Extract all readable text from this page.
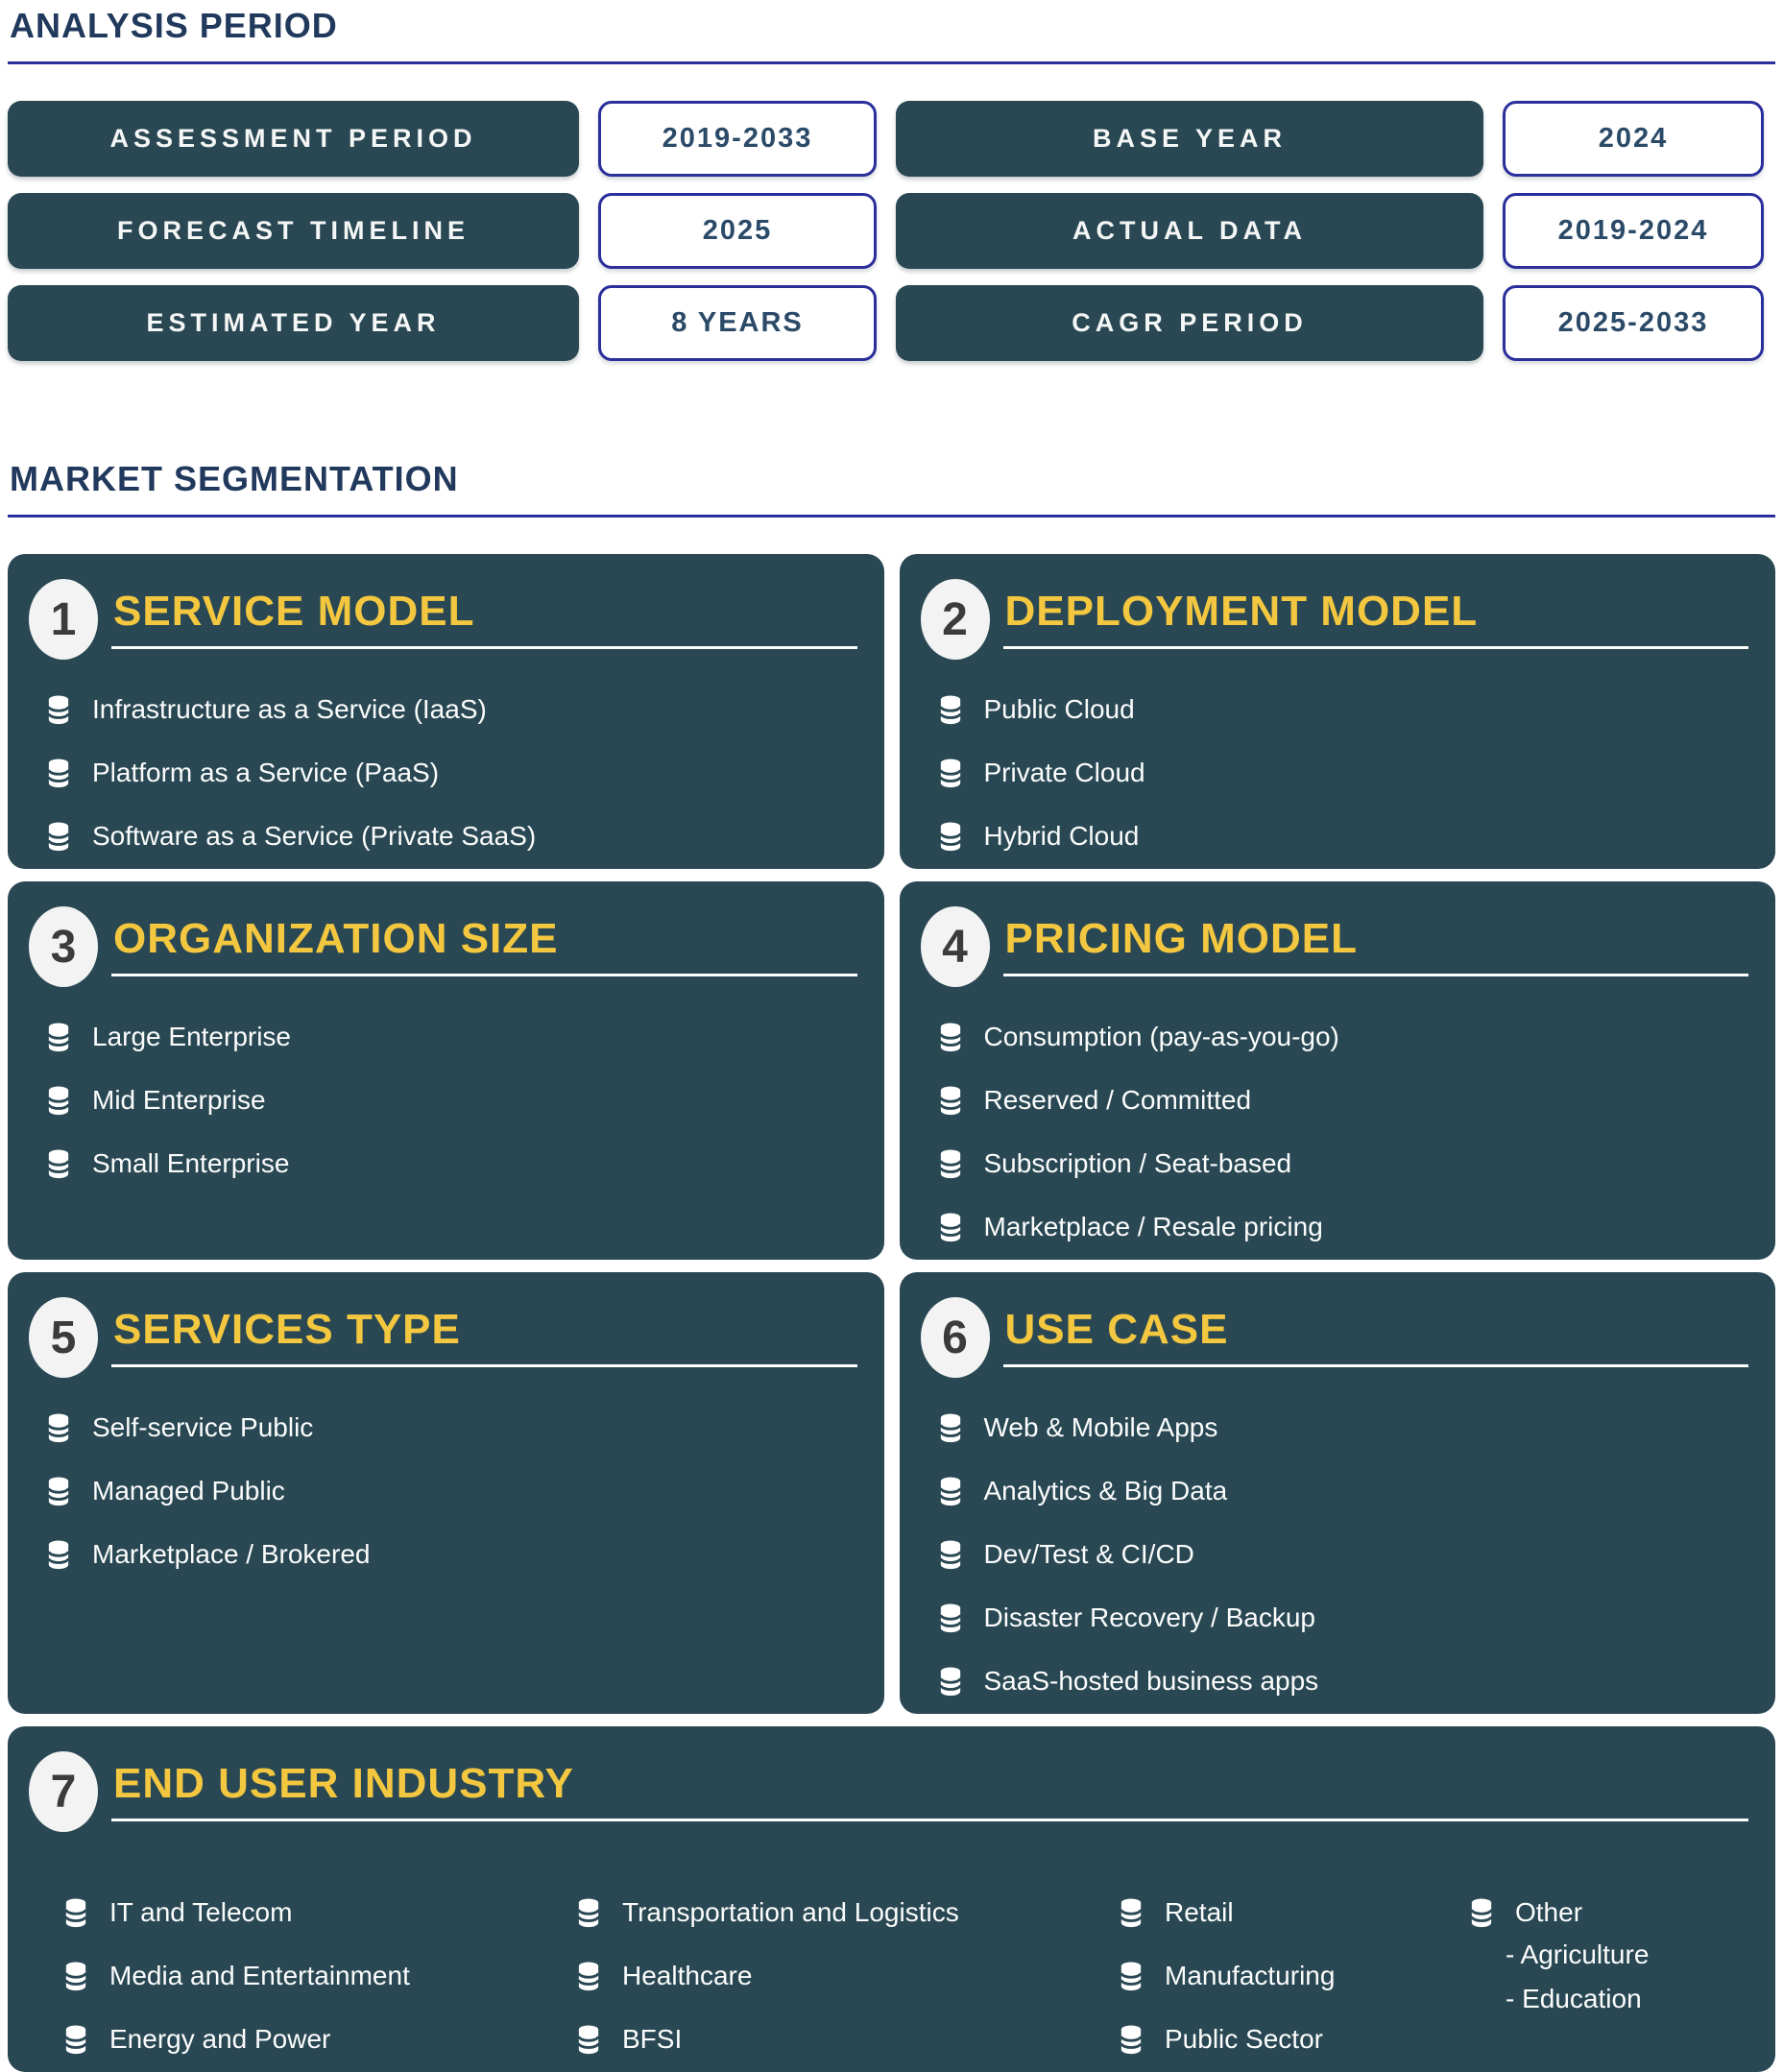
ANALYSIS PERIOD
ASSESSMENT PERIOD	2019-2033	BASE YEAR	2024
FORECAST TIMELINE	2025	ACTUAL DATA	2019-2024
ESTIMATED YEAR	8 YEARS	CAGR PERIOD	2025-2033
MARKET SEGMENTATION
1 SERVICE MODEL
Infrastructure as a Service (IaaS)
Platform as a Service (PaaS)
Software as a Service (Private SaaS)
2 DEPLOYMENT MODEL
Public Cloud
Private Cloud
Hybrid Cloud
3 ORGANIZATION SIZE
Large Enterprise
Mid Enterprise
Small Enterprise
4 PRICING MODEL
Consumption (pay-as-you-go)
Reserved / Committed
Subscription / Seat-based
Marketplace / Resale pricing
5 SERVICES TYPE
Self-service Public
Managed Public
Marketplace / Brokered
6 USE CASE
Web & Mobile Apps
Analytics & Big Data
Dev/Test & CI/CD
Disaster Recovery / Backup
SaaS-hosted business apps
7 END USER INDUSTRY
IT and Telecom
Media and Entertainment
Energy and Power
Transportation and Logistics
Healthcare
BFSI
Retail
Manufacturing
Public Sector
Other
- Agriculture
- Education
